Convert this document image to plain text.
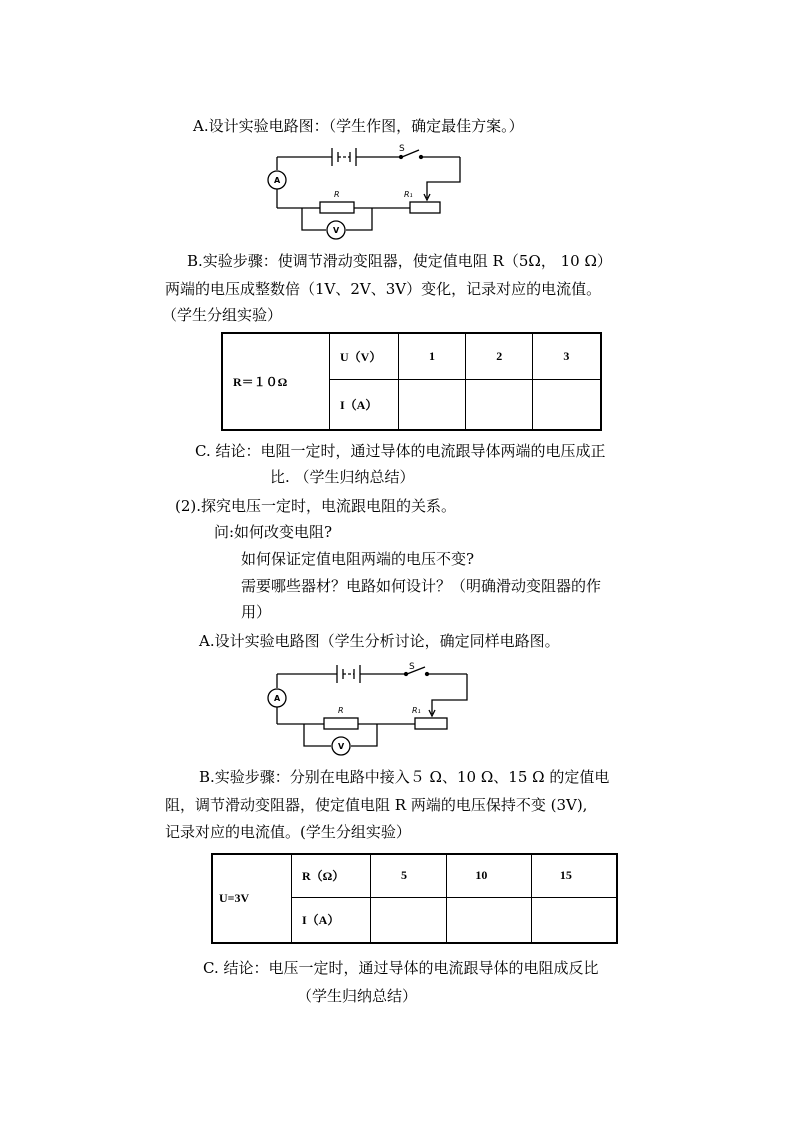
A.设计实验电路图：（学生作图，确定最佳方案。）
S
A
R	R₁
V
B.实验步骤：使调节滑动变阻器，使定值电阻 R（5Ω， 10 Ω）
两端的电压成整数倍（1V、2V、3V）变化，记录对应的电流值。
（学生分组实验）
R＝１０Ω	U（V）	1	2	3
	I（A）			
C. 结论：电阻一定时，通过导体的电流跟导体两端的电压成正
比. （学生归纳总结）
(2).探究电压一定时，电流跟电阻的关系。
问:如何改变电阻?
如何保证定值电阻两端的电压不变?
需要哪些器材？电路如何设计？（明确滑动变阻器的作
用）
A.设计实验电路图（学生分析讨论，确定同样电路图。
S
A
R	R₁
V
B.实验步骤：分别在电路中接入５ Ω、10 Ω、15 Ω 的定值电
阻，调节滑动变阻器，使定值电阻 R 两端的电压保持不变 (3V),
记录对应的电流值。(学生分组实验）
U=3V	R（Ω）	5	10	15
	I（A）			
C. 结论：电压一定时，通过导体的电流跟导体的电阻成反比
（学生归纳总结）
